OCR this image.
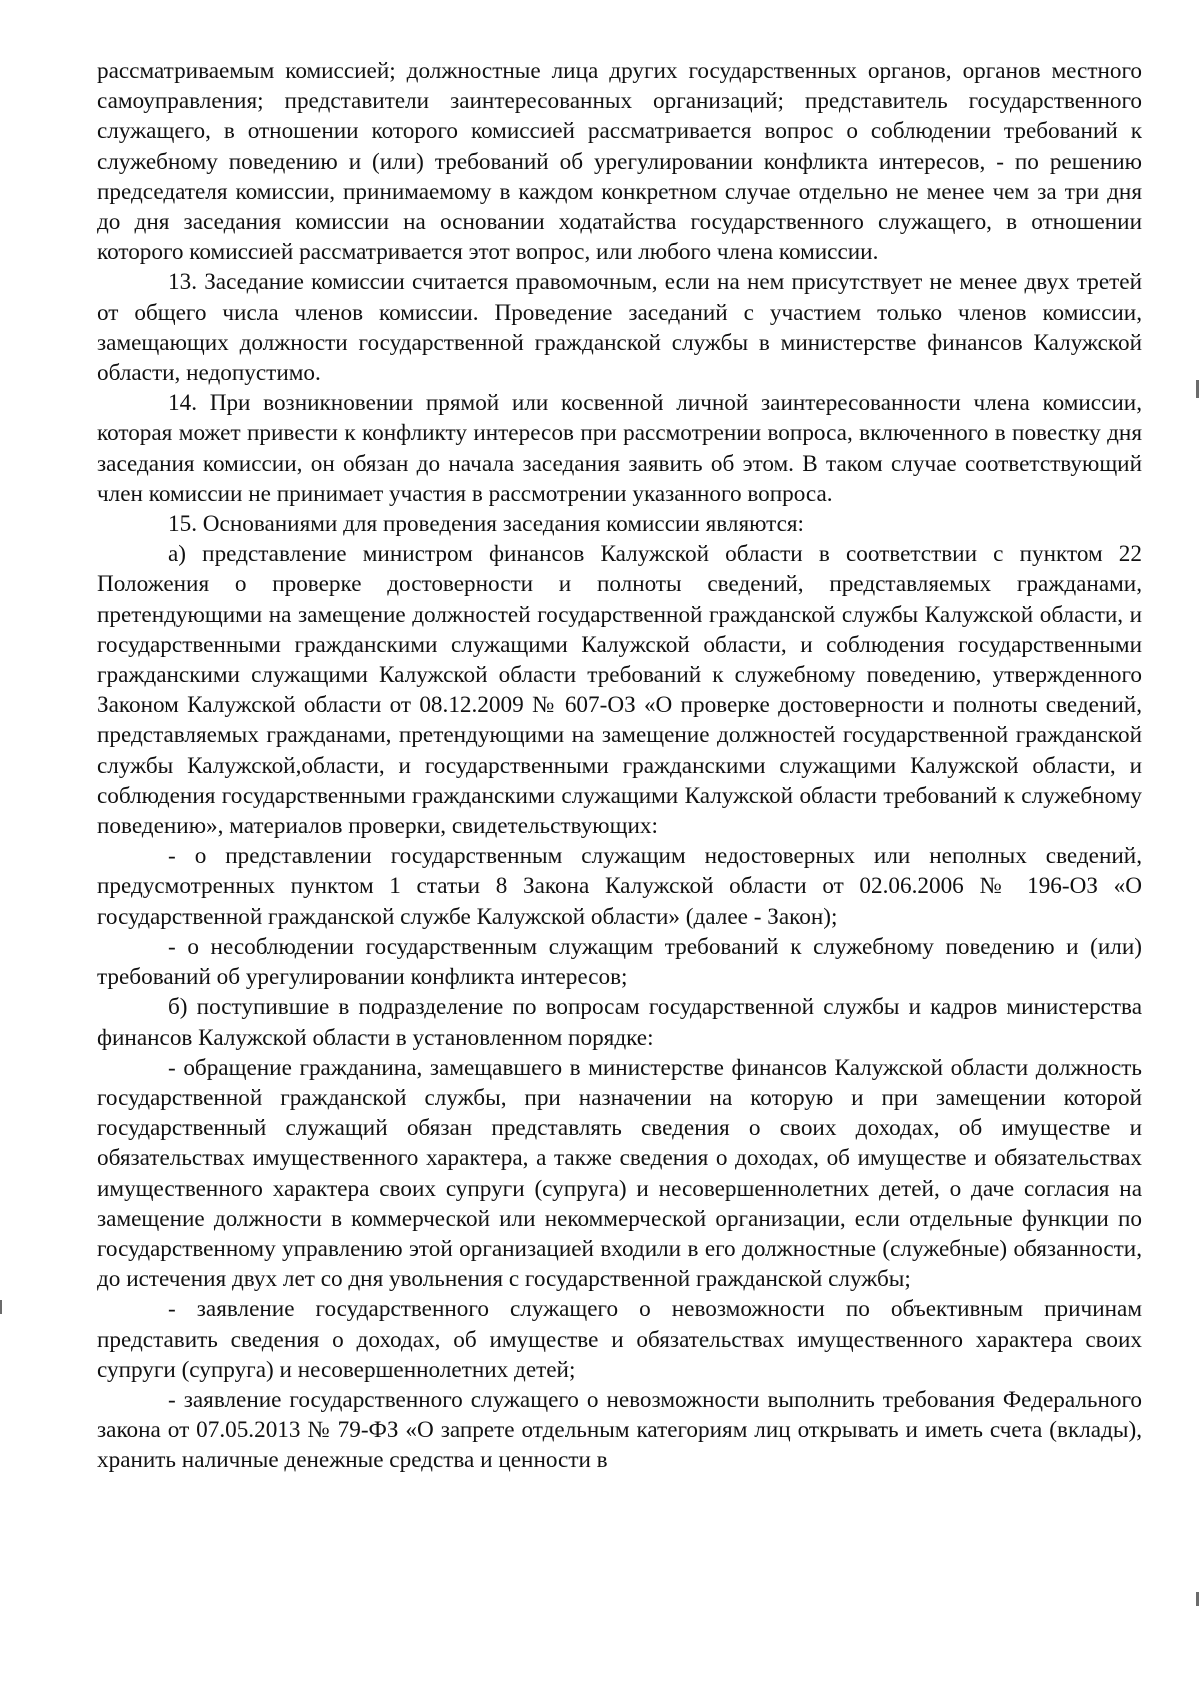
рассматриваемым комиссией; должностные лица других государственных органов, органов местного самоуправления; представители заинтересованных организаций; представитель государственного служащего, в отношении которого комиссией рассматривается вопрос о соблюдении требований к служебному поведению и (или) требований об урегулировании конфликта интересов, - по решению председателя комиссии, принимаемому в каждом конкретном случае отдельно не менее чем за три дня до дня заседания комиссии на основании ходатайства государственного служащего, в отношении которого комиссией рассматривается этот вопрос, или любого члена комиссии.

13. Заседание комиссии считается правомочным, если на нем присутствует не менее двух третей от общего числа членов комиссии. Проведение заседаний с участием только членов комиссии, замещающих должности государственной гражданской службы в министерстве финансов Калужской области, недопустимо.

14. При возникновении прямой или косвенной личной заинтересованности члена комиссии, которая может привести к конфликту интересов при рассмотрении вопроса, включенного в повестку дня заседания комиссии, он обязан до начала заседания заявить об этом. В таком случае соответствующий член комиссии не принимает участия в рассмотрении указанного вопроса.

15. Основаниями для проведения заседания комиссии являются:

а) представление министром финансов Калужской области в соответствии с пунктом 22 Положения о проверке достоверности и полноты сведений, представляемых гражданами, претендующими на замещение должностей государственной гражданской службы Калужской области, и государственными гражданскими служащими Калужской области, и соблюдения государственными гражданскими служащими Калужской области требований к служебному поведению, утвержденного Законом Калужской области от 08.12.2009 № 607-ОЗ «О проверке достоверности и полноты сведений, представляемых гражданами, претендующими на замещение должностей государственной гражданской службы Калужской,области, и государственными гражданскими служащими Калужской области, и соблюдения государственными гражданскими служащими Калужской области требований к служебному поведению», материалов проверки, свидетельствующих:

- о представлении государственным служащим недостоверных или неполных сведений, предусмотренных пунктом 1 статьи 8 Закона Калужской области от 02.06.2006 № 196-ОЗ «О государственной гражданской службе Калужской области» (далее - Закон);

- о несоблюдении государственным служащим требований к служебному поведению и (или) требований об урегулировании конфликта интересов;

б) поступившие в подразделение по вопросам государственной службы и кадров министерства финансов Калужской области в установленном порядке:

- обращение гражданина, замещавшего в министерстве финансов Калужской области должность государственной гражданской службы, при назначении на которую и при замещении которой государственный служащий обязан представлять сведения о своих доходах, об имуществе и обязательствах имущественного характера, а также сведения о доходах, об имуществе и обязательствах имущественного характера своих супруги (супруга) и несовершеннолетних детей, о даче согласия на замещение должности в коммерческой или некоммерческой организации, если отдельные функции по государственному управлению этой организацией входили в его должностные (служебные) обязанности, до истечения двух лет со дня увольнения с государственной гражданской службы;

- заявление государственного служащего о невозможности по объективным причинам представить сведения о доходах, об имуществе и обязательствах имущественного характера своих супруги (супруга) и несовершеннолетних детей;

- заявление государственного служащего о невозможности выполнить требования Федерального закона от 07.05.2013 № 79-ФЗ «О запрете отдельным категориям лиц открывать и иметь счета (вклады), хранить наличные денежные средства и ценности в
